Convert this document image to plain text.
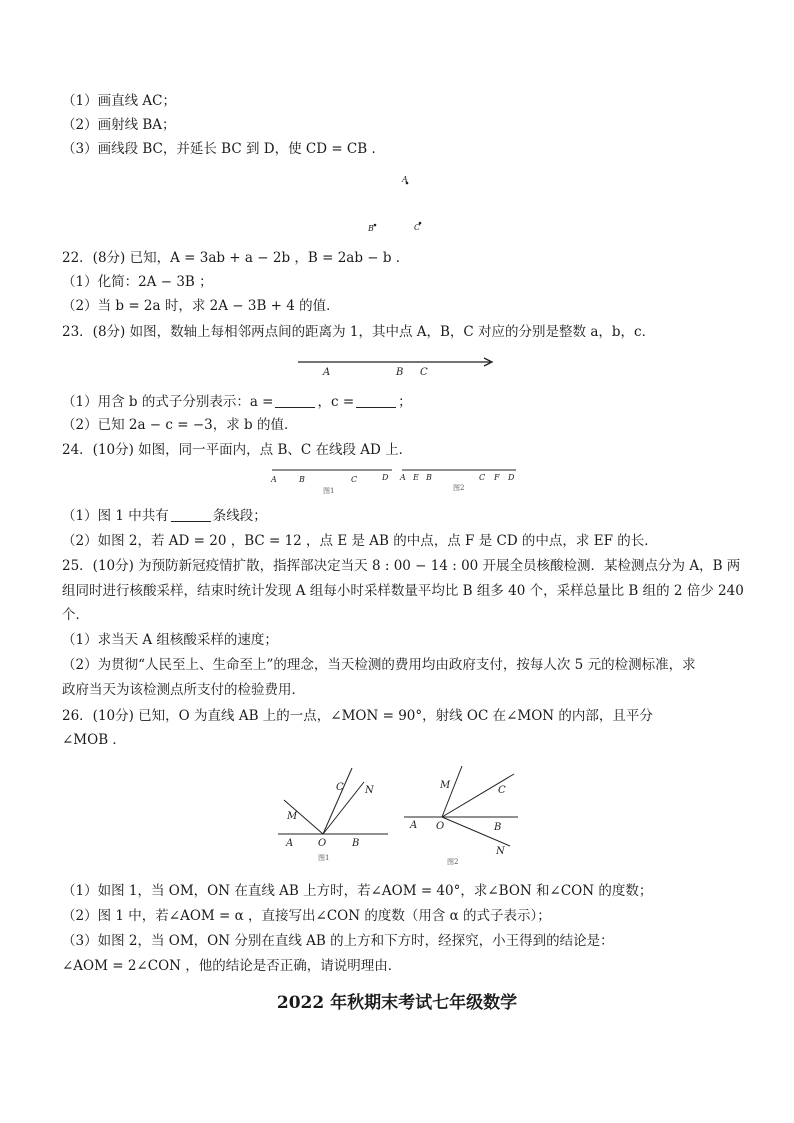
（1）画直线 AC；
（2）画射线 BA；
（3）画线段 BC，并延长 BC 到 D，使 CD = CB ．
A
B	C
22．(8分) 已知，A = 3ab + a − 2b ，B = 2ab − b ．
（1）化简：2A − 3B ；
（2）当 b = 2a 时，求 2A − 3B + 4 的值．
23．(8分) 如图，数轴上每相邻两点间的距离为 1，其中点 A，B，C 对应的分别是整数 a，b，c．
A	B C
（1）用含 b 的式子分别表示：a =	，c =	；
（2）已知 2a − c = −3，求 b 的值．
24．(10分) 如图，同一平面内，点 B、C 在线段 AD 上．
A	B	C	D
图1
A E B	C F D
图2
（1）图 1 中共有	条线段；
（2）如图 2，若 AD = 20 ，BC = 12 ，点 E 是 AB 的中点，点 F 是 CD 的中点，求 EF 的长．
25．(10分) 为预防新冠疫情扩散，指挥部决定当天 8 : 00 − 14 : 00 开展全员核酸检测．某检测点分为 A，B 两
组同时进行核酸采样，结束时统计发现 A 组每小时采样数量平均比 B 组多 40 个，采样总量比 B 组的 2 倍少 240
个．
（1）求当天 A 组核酸采样的速度；
（2）为贯彻“人民至上、生命至上”的理念，当天检测的费用均由政府支付，按每人次 5 元的检测标准，求
政府当天为该检测点所支付的检验费用．
26．(10分) 已知，O 为直线 AB 上的一点，∠MON = 90°，射线 OC 在∠MON 的内部，且平分
∠MOB ．
M
C N
A O	B
图1
M	C
A O	B
N
图2
（1）如图 1，当 OM，ON 在直线 AB 上方时，若∠AOM = 40°，求∠BON 和∠CON 的度数；
（2）图 1 中，若∠AOM = α ，直接写出∠CON 的度数（用含 α 的式子表示）；
（3）如图 2，当 OM，ON 分别在直线 AB 的上方和下方时，经探究，小王得到的结论是：
∠AOM = 2∠CON ，他的结论是否正确，请说明理由．
2022 年秋期末考试七年级数学
